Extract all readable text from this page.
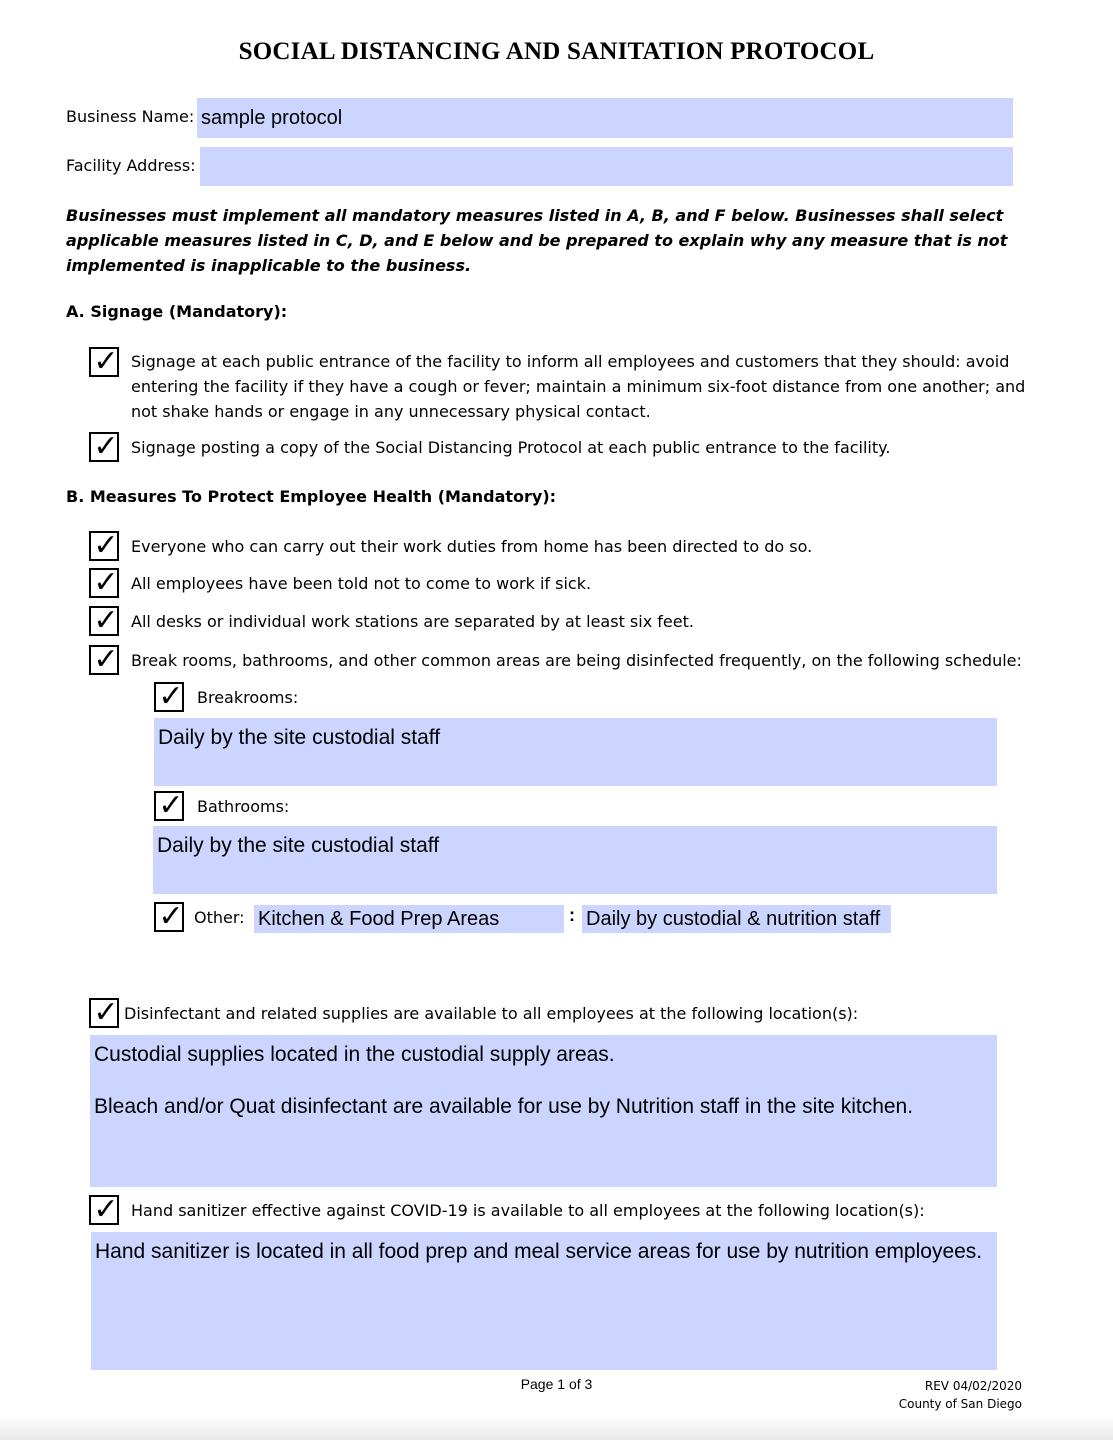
SOCIAL DISTANCING AND SANITATION PROTOCOL
Business Name:
sample protocol
Facility Address:
Businesses must implement all mandatory measures listed in A, B, and F below. Businesses shall select applicable measures listed in C, D, and E below and be prepared to explain why any measure that is not implemented is inapplicable to the business.
A. Signage (Mandatory):
✓ Signage at each public entrance of the facility to inform all employees and customers that they should: avoid entering the facility if they have a cough or fever; maintain a minimum six-foot distance from one another; and not shake hands or engage in any unnecessary physical contact.
✓ Signage posting a copy of the Social Distancing Protocol at each public entrance to the facility.
B. Measures To Protect Employee Health (Mandatory):
✓ Everyone who can carry out their work duties from home has been directed to do so.
✓ All employees have been told not to come to work if sick.
✓ All desks or individual work stations are separated by at least six feet.
✓ Break rooms, bathrooms, and other common areas are being disinfected frequently, on the following schedule:
✓ Breakrooms:
Daily by the site custodial staff
✓ Bathrooms:
Daily by the site custodial staff
✓ Other:
Kitchen & Food Prep Areas	:
Daily by custodial & nutrition staff
✓ Disinfectant and related supplies are available to all employees at the following location(s):
Custodial supplies located in the custodial supply areas. Bleach and/or Quat disinfectant are available for use by Nutrition staff in the site kitchen.
✓ Hand sanitizer effective against COVID-19 is available to all employees at the following location(s):
Hand sanitizer is located in all food prep and meal service areas for use by nutrition employees.
Page 1 of 3	REV 04/02/2020
County of San Diego
